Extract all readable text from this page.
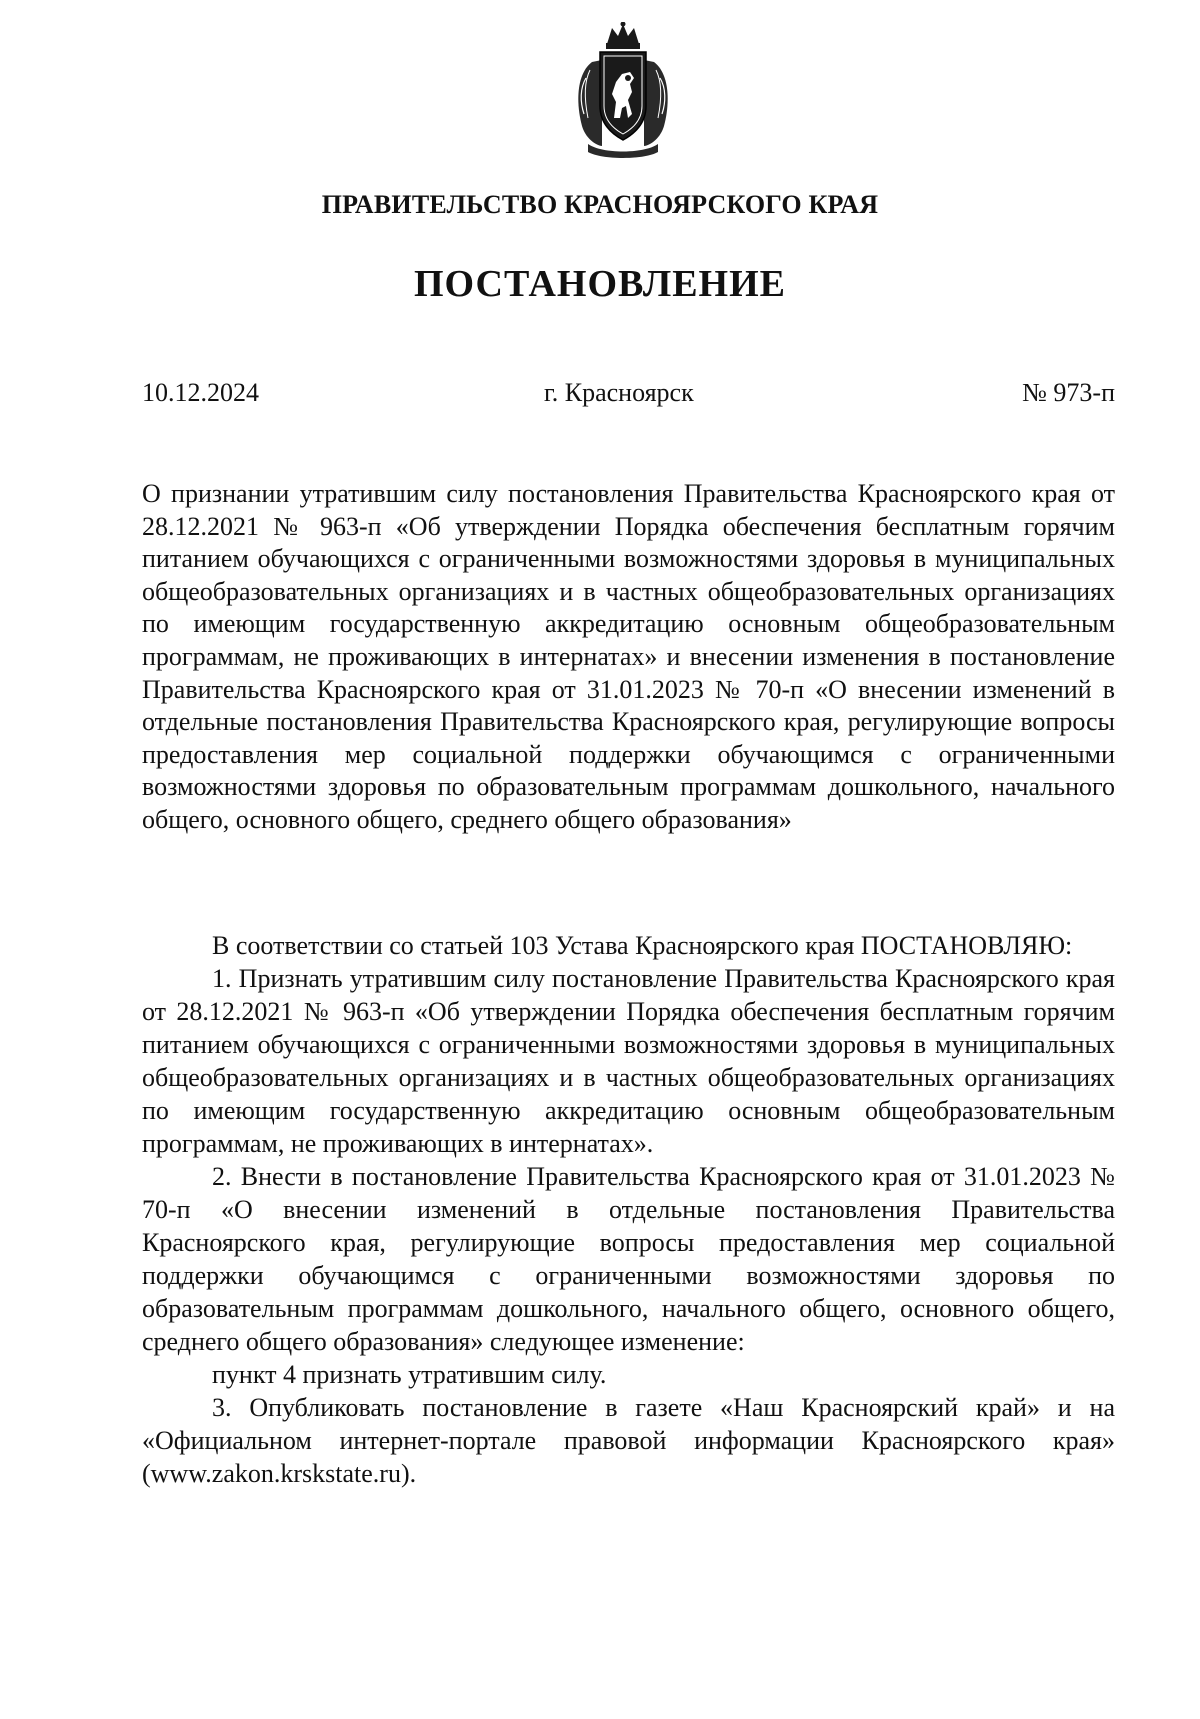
ПРАВИТЕЛЬСТВО КРАСНОЯРСКОГО КРАЯ
ПОСТАНОВЛЕНИЕ
10.12.2024	г. Красноярск	№ 973-п
О признании утратившим силу постановления Правительства Красноярского края от 28.12.2021 № 963-п «Об утверждении Порядка обеспечения бесплатным горячим питанием обучающихся с ограниченными возможностями здоровья в муниципальных общеобразовательных организациях и в частных общеобразовательных организациях по имеющим государственную аккредитацию основным общеобразовательным программам, не проживающих в интернатах» и внесении изменения в постановление Правительства Красноярского края от 31.01.2023 № 70-п «О внесении изменений в отдельные постановления Правительства Красноярского края, регулирующие вопросы предоставления мер социальной поддержки обучающимся с ограниченными возможностями здоровья по образовательным программам дошкольного, начального общего, основного общего, среднего общего образования»

В соответствии со статьей 103 Устава Красноярского края ПОСТАНОВЛЯЮ:

1. Признать утратившим силу постановление Правительства Красноярского края от 28.12.2021 № 963-п «Об утверждении Порядка обеспечения бесплатным горячим питанием обучающихся с ограниченными возможностями здоровья в муниципальных общеобразовательных организациях и в частных общеобразовательных организациях по имеющим государственную аккредитацию основным общеобразовательным программам, не проживающих в интернатах».

2. Внести в постановление Правительства Красноярского края от 31.01.2023 № 70-п «О внесении изменений в отдельные постановления Правительства Красноярского края, регулирующие вопросы предоставления мер социальной поддержки обучающимся с ограниченными возможностями здоровья по образовательным программам дошкольного, начального общего, основного общего, среднего общего образования» следующее изменение:

пункт 4 признать утратившим силу.

3. Опубликовать постановление в газете «Наш Красноярский край» и на «Официальном интернет-портале правовой информации Красноярского края» (www.zakon.krskstate.ru).
